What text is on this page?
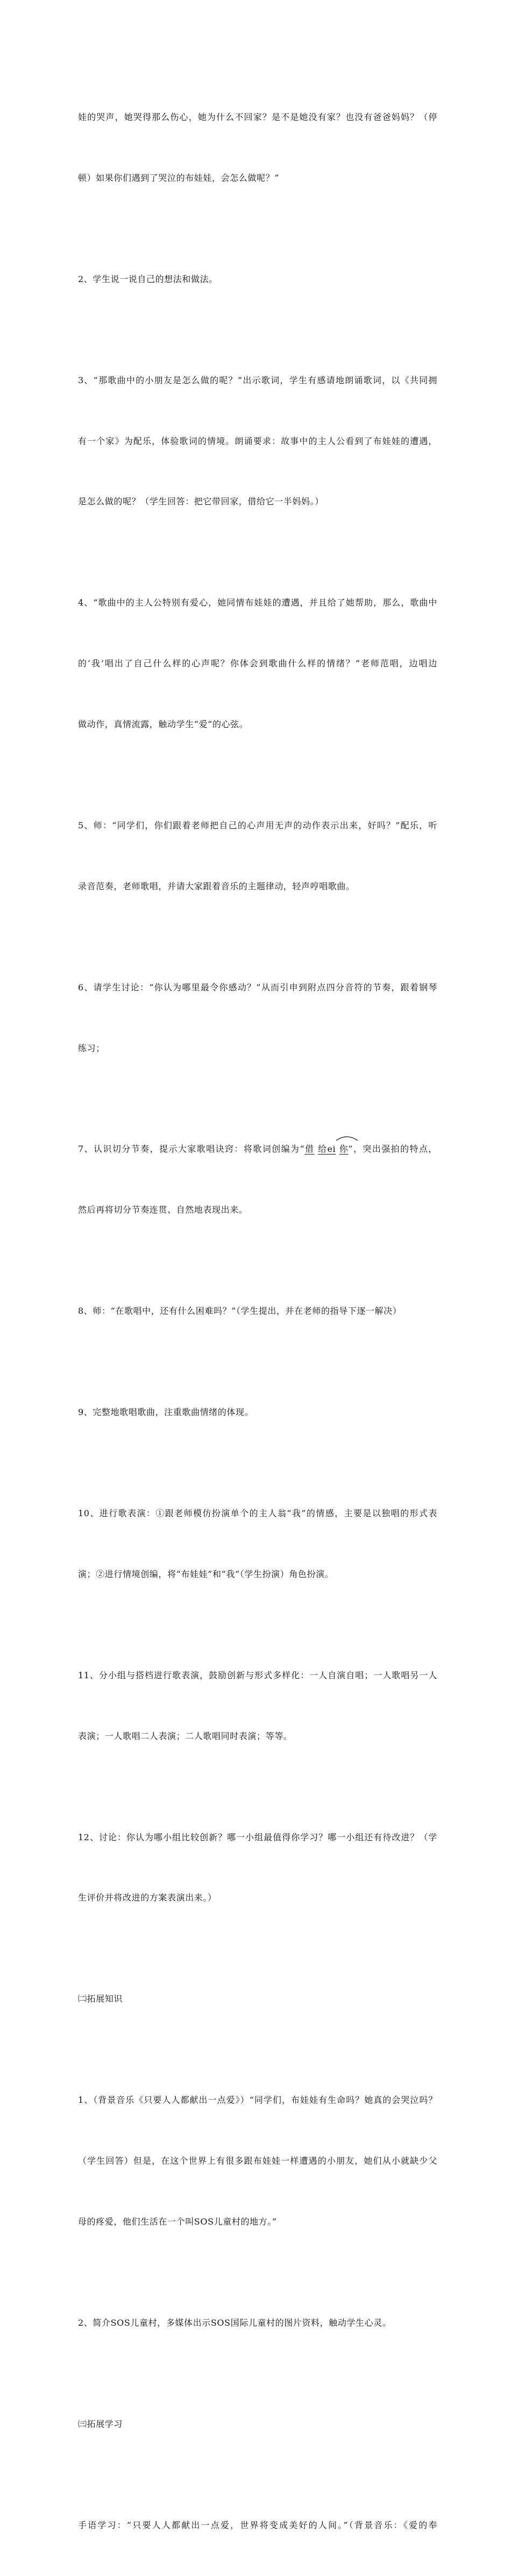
娃的哭声，她哭得那么伤心，她为什么不回家？是不是她没有家？也没有爸爸妈妈？（停

顿）如果你们遇到了哭泣的布娃娃，会怎么做呢？”

2、学生说一说自己的想法和做法。

3、“那歌曲中的小朋友是怎么做的呢？”出示歌词，学生有感请地朗诵歌词，以《共同拥

有一个家》为配乐，体验歌词的情境。朗诵要求：故事中的主人公看到了布娃娃的遭遇，

是怎么做的呢？（学生回答：把它带回家，借给它一半妈妈。）

4、“歌曲中的主人公特别有爱心，她同情布娃娃的遭遇，并且给了她帮助，那么，歌曲中

的‘我’唱出了自己什么样的心声呢？你体会到歌曲什么样的情绪？”老师范唱，边唱边

做动作，真情流露，触动学生“爱”的心弦。

5、师：“同学们，你们跟着老师把自己的心声用无声的动作表示出来，好吗？”配乐，听

录音范奏，老师歌唱，并请大家跟着音乐的主题律动，轻声哼唱歌曲。

6、请学生讨论：“你认为哪里最令你感动？”从而引申到附点四分音符的节奏，跟着钢琴

练习；

7、认识切分节奏，提示大家歌唱诀窍：将歌词创编为“借 给ei 你”，突出强拍的特点，

然后再将切分节奏连贯、自然地表现出来。

8、师：“在歌唱中，还有什么困难吗？”（学生提出，并在老师的指导下逐一解决）

9、完整地歌唱歌曲，注重歌曲情绪的体现。

10、进行歌表演：①跟老师模仿扮演单个的主人翁“我”的情感，主要是以独唱的形式表

演；②进行情境创编，将“布娃娃”和“我”（学生扮演）角色扮演。

11、分小组与搭档进行歌表演，鼓励创新与形式多样化：一人自演自唱；一人歌唱另一人

表演；一人歌唱二人表演；二人歌唱同时表演；等等。

12、讨论：你认为哪小组比较创新？哪一小组最值得你学习？哪一小组还有待改进？（学

生评价并将改进的方案表演出来。）

㈡拓展知识

1、（背景音乐《只要人人都献出一点爱》）“同学们，布娃娃有生命吗？她真的会哭泣吗？

（学生回答）但是，在这个世界上有很多跟布娃娃一样遭遇的小朋友，她们从小就缺少父

母的疼爱，他们生活在一个叫SOS儿童村的地方。”

2、简介SOS儿童村，多媒体出示SOS国际儿童村的图片资料，触动学生心灵。

㈢拓展学习

手语学习：“只要人人都献出一点爱，世界将变成美好的人间。”（背景音乐：《爱的奉
